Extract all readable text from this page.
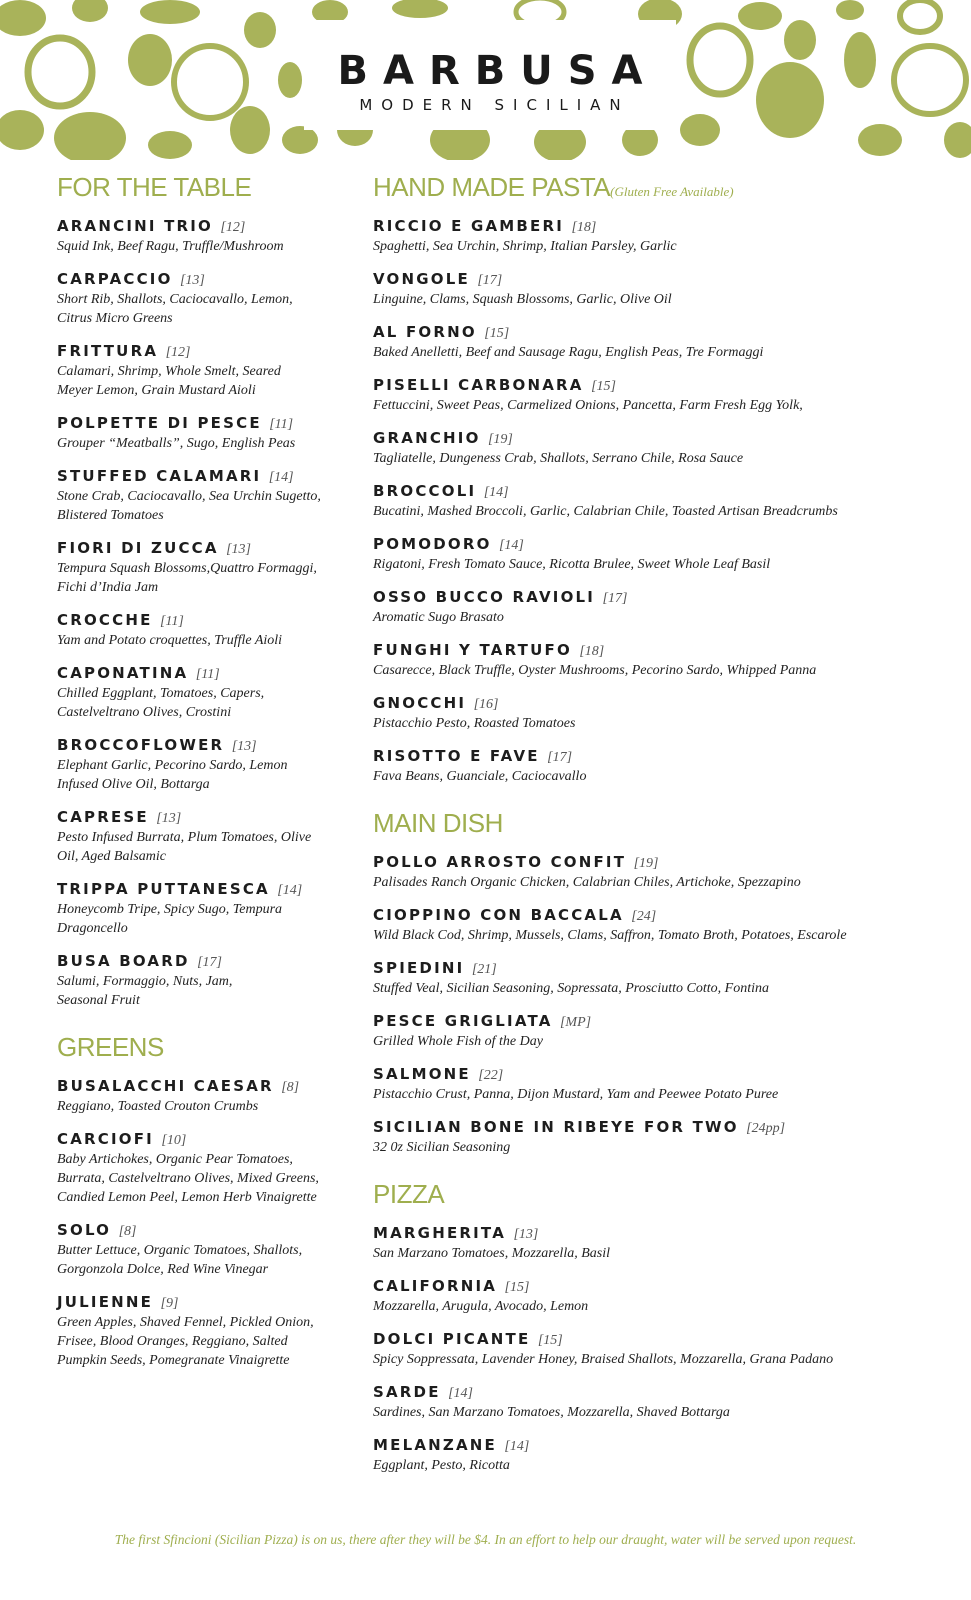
BARBUSA
MODERN SICILIAN
FOR THE TABLE
ARANCINI TRIO [12]
Squid Ink, Beef Ragu, Truffle/Mushroom
CARPACCIO [13]
Short Rib, Shallots, Caciocavallo, Lemon,
Citrus Micro Greens
FRITTURA [12]
Calamari, Shrimp, Whole Smelt, Seared
Meyer Lemon, Grain Mustard Aioli
POLPETTE DI PESCE [11]
Grouper “Meatballs”, Sugo, English Peas
STUFFED CALAMARI [14]
Stone Crab, Caciocavallo, Sea Urchin Sugetto,
Blistered Tomatoes
FIORI DI ZUCCA [13]
Tempura Squash Blossoms,Quattro Formaggi,
Fichi d’India Jam
CROCCHE [11]
Yam and Potato croquettes, Truffle Aioli
CAPONATINA [11]
Chilled Eggplant, Tomatoes, Capers,
Castelveltrano Olives, Crostini
BROCCOFLOWER [13]
Elephant Garlic, Pecorino Sardo, Lemon
Infused Olive Oil, Bottarga
CAPRESE [13]
Pesto Infused Burrata, Plum Tomatoes, Olive
Oil, Aged Balsamic
TRIPPA PUTTANESCA [14]
Honeycomb Tripe, Spicy Sugo, Tempura
Dragoncello
BUSA BOARD [17]
Salumi, Formaggio, Nuts, Jam,
Seasonal Fruit
GREENS
BUSALACCHI CAESAR [8]
Reggiano, Toasted Crouton Crumbs
CARCIOFI [10]
Baby Artichokes, Organic Pear Tomatoes,
Burrata, Castelveltrano Olives, Mixed Greens,
Candied Lemon Peel, Lemon Herb Vinaigrette
SOLO [8]
Butter Lettuce, Organic Tomatoes, Shallots,
Gorgonzola Dolce, Red Wine Vinegar
JULIENNE [9]
Green Apples, Shaved Fennel, Pickled Onion,
Frisee, Blood Oranges, Reggiano, Salted
Pumpkin Seeds, Pomegranate Vinaigrette
HAND MADE PASTA(Gluten Free Available)
RICCIO E GAMBERI [18]
Spaghetti, Sea Urchin, Shrimp, Italian Parsley, Garlic
VONGOLE [17]
Linguine, Clams, Squash Blossoms, Garlic, Olive Oil
AL FORNO [15]
Baked Anelletti, Beef and Sausage Ragu, English Peas, Tre Formaggi
PISELLI CARBONARA [15]
Fettuccini, Sweet Peas, Carmelized Onions, Pancetta, Farm Fresh Egg Yolk,
GRANCHIO [19]
Tagliatelle, Dungeness Crab, Shallots, Serrano Chile, Rosa Sauce
BROCCOLI [14]
Bucatini, Mashed Broccoli, Garlic, Calabrian Chile, Toasted Artisan Breadcrumbs
POMODORO [14]
Rigatoni, Fresh Tomato Sauce, Ricotta Brulee, Sweet Whole Leaf Basil
OSSO BUCCO RAVIOLI [17]
Aromatic Sugo Brasato
FUNGHI Y TARTUFO [18]
Casarecce, Black Truffle, Oyster Mushrooms, Pecorino Sardo, Whipped Panna
GNOCCHI [16]
Pistacchio Pesto, Roasted Tomatoes
RISOTTO E FAVE [17]
Fava Beans, Guanciale, Caciocavallo
MAIN DISH
POLLO ARROSTO CONFIT [19]
Palisades Ranch Organic Chicken, Calabrian Chiles, Artichoke, Spezzapino
CIOPPINO CON BACCALA [24]
Wild Black Cod, Shrimp, Mussels, Clams, Saffron, Tomato Broth, Potatoes, Escarole
SPIEDINI [21]
Stuffed Veal, Sicilian Seasoning, Sopressata, Prosciutto Cotto, Fontina
PESCE GRIGLIATA [MP]
Grilled Whole Fish of the Day
SALMONE [22]
Pistacchio Crust, Panna, Dijon Mustard, Yam and Peewee Potato Puree
SICILIAN BONE IN RIBEYE FOR TWO [24pp]
32 0z Sicilian Seasoning
PIZZA
MARGHERITA [13]
San Marzano Tomatoes, Mozzarella, Basil
CALIFORNIA [15]
Mozzarella, Arugula, Avocado, Lemon
DOLCI PICANTE [15]
Spicy Soppressata, Lavender Honey, Braised Shallots, Mozzarella, Grana Padano
SARDE [14]
Sardines, San Marzano Tomatoes, Mozzarella, Shaved Bottarga
MELANZANE [14]
Eggplant, Pesto, Ricotta
The first Sfincioni (Sicilian Pizza) is on us, there after they will be $4. In an effort to help our draught, water will be served upon request.
